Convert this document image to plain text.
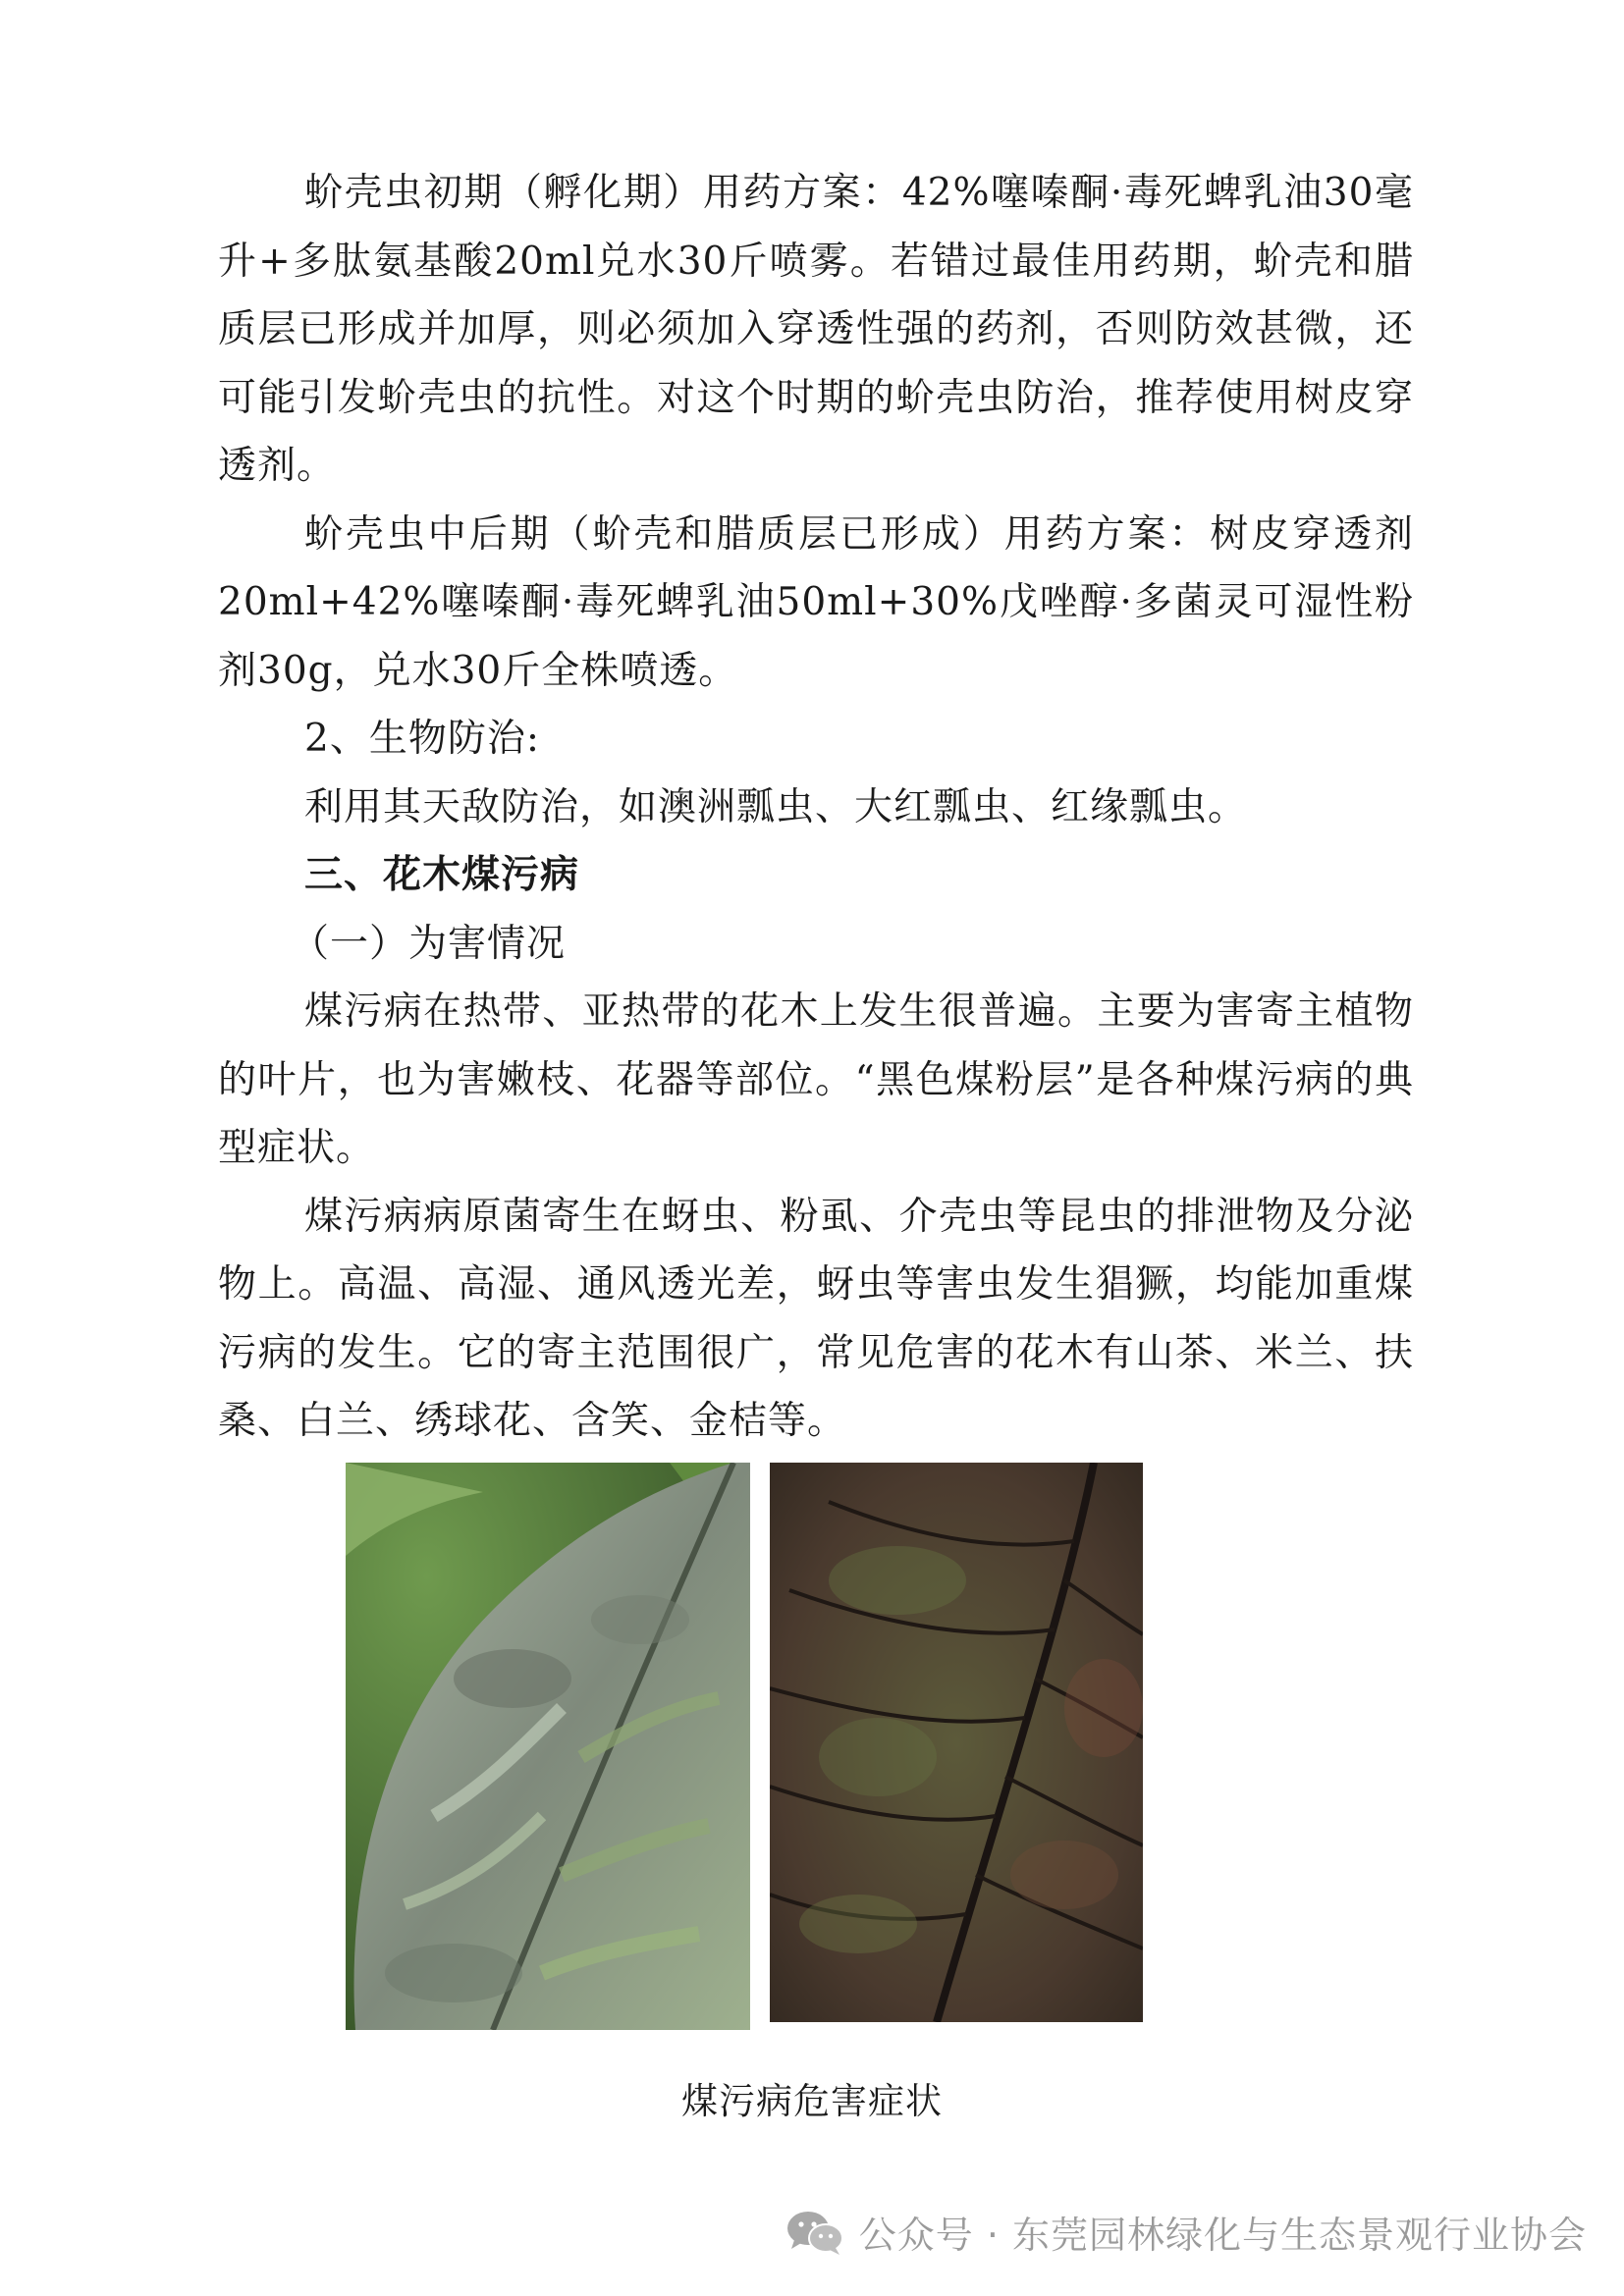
蚧壳虫初期（孵化期）用药方案：42%噻嗪酮·毒死蜱乳油30毫升+多肽氨基酸20ml兑水30斤喷雾。若错过最佳用药期，蚧壳和腊质层已形成并加厚，则必须加入穿透性强的药剂，否则防效甚微，还可能引发蚧壳虫的抗性。对这个时期的蚧壳虫防治，推荐使用树皮穿透剂。

蚧壳虫中后期（蚧壳和腊质层已形成）用药方案：树皮穿透剂20ml+42%噻嗪酮·毒死蜱乳油50ml+30%戊唑醇·多菌灵可湿性粉剂30g，兑水30斤全株喷透。

2、生物防治:

利用其天敌防治，如澳洲瓢虫、大红瓢虫、红缘瓢虫。

三、花木煤污病

（一）为害情况

煤污病在热带、亚热带的花木上发生很普遍。主要为害寄主植物的叶片，也为害嫩枝、花器等部位。“黑色煤粉层”是各种煤污病的典型症状。

煤污病病原菌寄生在蚜虫、粉虱、介壳虫等昆虫的排泄物及分泌物上。高温、高湿、通风透光差，蚜虫等害虫发生猖獗，均能加重煤污病的发生。它的寄主范围很广，常见危害的花木有山茶、米兰、扶桑、白兰、绣球花、含笑、金桔等。

煤污病危害症状
公众号 · 东莞园林绿化与生态景观行业协会
